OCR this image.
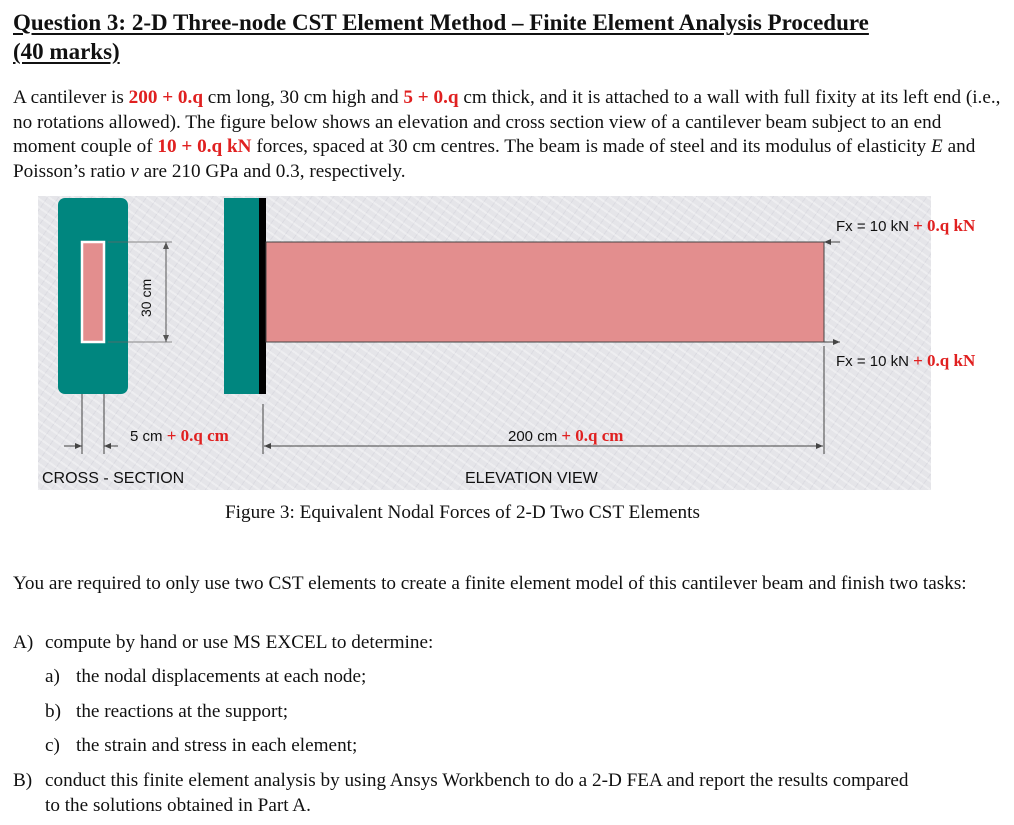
Question 3: 2-D Three-node CST Element Method – Finite Element Analysis Procedure
(40 marks)

A cantilever is 200 + 0.q cm long, 30 cm high and 5 + 0.q cm thick, and it is attached to a wall with full fixity at its left end (i.e., no rotations allowed). The figure below shows an elevation and cross section view of a cantilever beam subject to an end moment couple of 10 + 0.q kN forces, spaced at 30 cm centres. The beam is made of steel and its modulus of elasticity E and Poisson’s ratio ν are 210 GPa and 0.3, respectively.

30 cm
5 cm + 0.q cm	200 cm + 0.q cm
Fx = 10 kN + 0.q kN
Fx = 10 kN + 0.q kN
CROSS - SECTION	ELEVATION VIEW
Figure 3: Equivalent Nodal Forces of 2-D Two CST Elements

You are required to only use two CST elements to create a finite element model of this cantilever beam and finish two tasks:

A) compute by hand or use MS EXCEL to determine:
a) the nodal displacements at each node;
b) the reactions at the support;
c) the strain and stress in each element;
B) conduct this finite element analysis by using Ansys Workbench to do a 2-D FEA and report the results compared to the solutions obtained in Part A.
